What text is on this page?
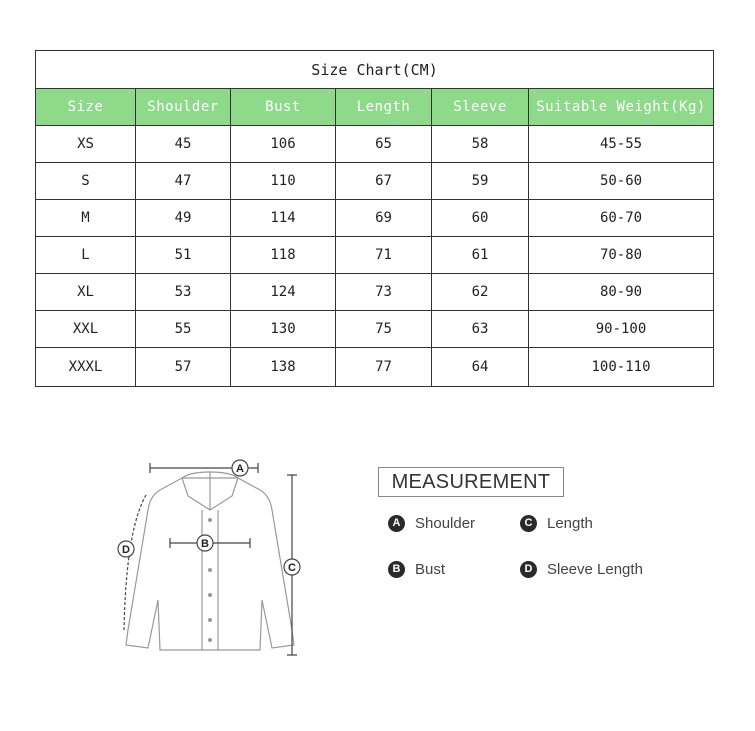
Size Chart(CM)					
Size	Shoulder	Bust	Length	Sleeve	Suitable Weight(Kg)
XS	45	106	65	58	45-55
S	47	110	67	59	50-60
M	49	114	69	60	60-70
L	51	118	71	61	70-80
XL	53	124	73	62	80-90
XXL	55	130	75	63	90-100
XXXL	57	138	77	64	100-110
A
B
C
D
MEASUREMENT
A Shoulder	C Length
B Bust	D Sleeve Length
